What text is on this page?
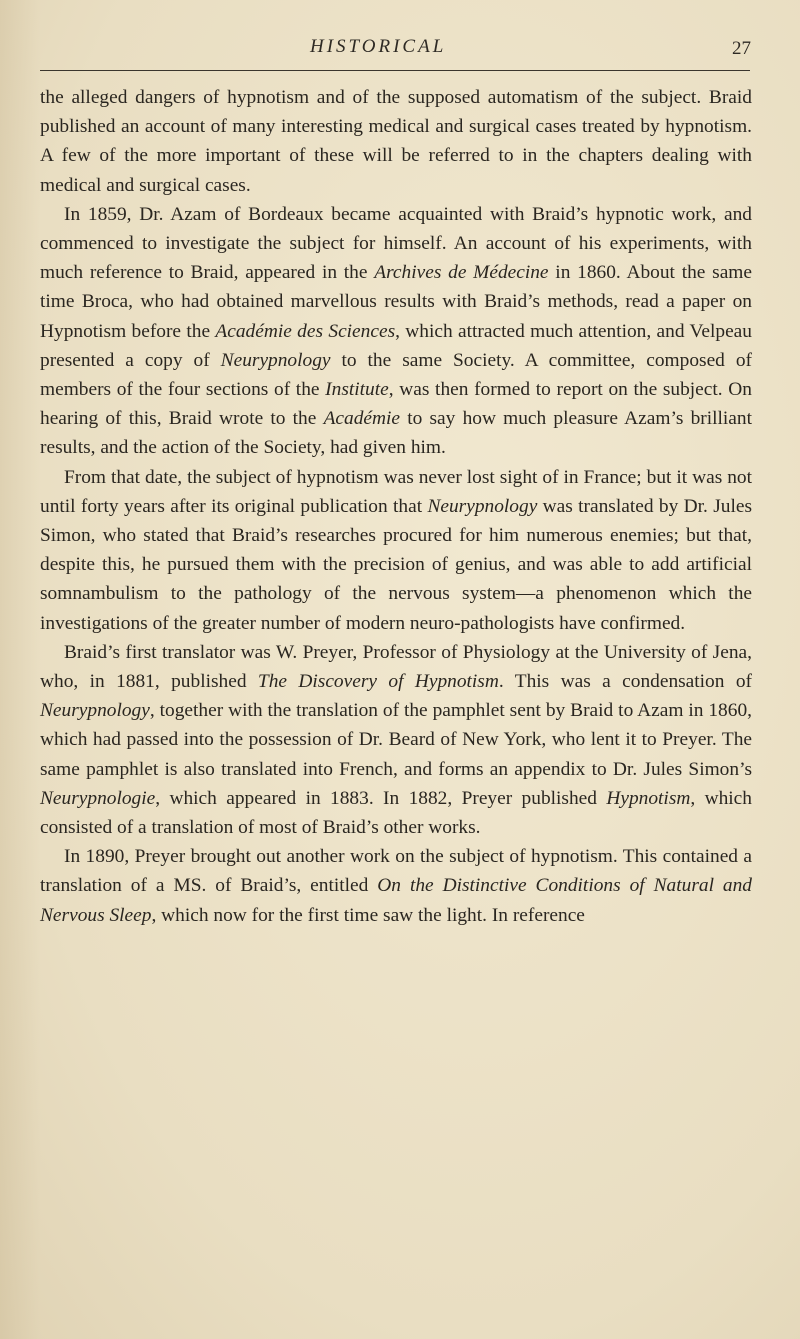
HISTORICAL	27

the alleged dangers of hypnotism and of the supposed automatism of the subject. Braid published an account of many interesting medical and surgical cases treated by hypnotism. A few of the more important of these will be referred to in the chapters dealing with medical and surgical cases.

In 1859, Dr. Azam of Bordeaux became acquainted with Braid’s hypnotic work, and commenced to investigate the subject for himself. An account of his experiments, with much reference to Braid, appeared in the Archives de Médecine in 1860. About the same time Broca, who had obtained marvellous results with Braid’s methods, read a paper on Hypnotism before the Académie des Sciences, which attracted much attention, and Velpeau presented a copy of Neurypnology to the same Society. A committee, composed of members of the four sections of the Institute, was then formed to report on the subject. On hearing of this, Braid wrote to the Académie to say how much pleasure Azam’s brilliant results, and the action of the Society, had given him.

From that date, the subject of hypnotism was never lost sight of in France; but it was not until forty years after its original publication that Neurypnology was translated by Dr. Jules Simon, who stated that Braid’s researches procured for him numerous enemies; but that, despite this, he pursued them with the precision of genius, and was able to add artificial somnambulism to the pathology of the nervous system—a phenomenon which the investigations of the greater number of modern neuro-pathologists have confirmed.

Braid’s first translator was W. Preyer, Professor of Physiology at the University of Jena, who, in 1881, published The Discovery of Hypnotism. This was a condensation of Neurypnology, together with the translation of the pamphlet sent by Braid to Azam in 1860, which had passed into the possession of Dr. Beard of New York, who lent it to Preyer. The same pamphlet is also translated into French, and forms an appendix to Dr. Jules Simon’s Neurypnologie, which appeared in 1883. In 1882, Preyer published Hypnotism, which consisted of a translation of most of Braid’s other works.

In 1890, Preyer brought out another work on the subject of hypnotism. This contained a translation of a MS. of Braid’s, entitled On the Distinctive Conditions of Natural and Nervous Sleep, which now for the first time saw the light. In reference
